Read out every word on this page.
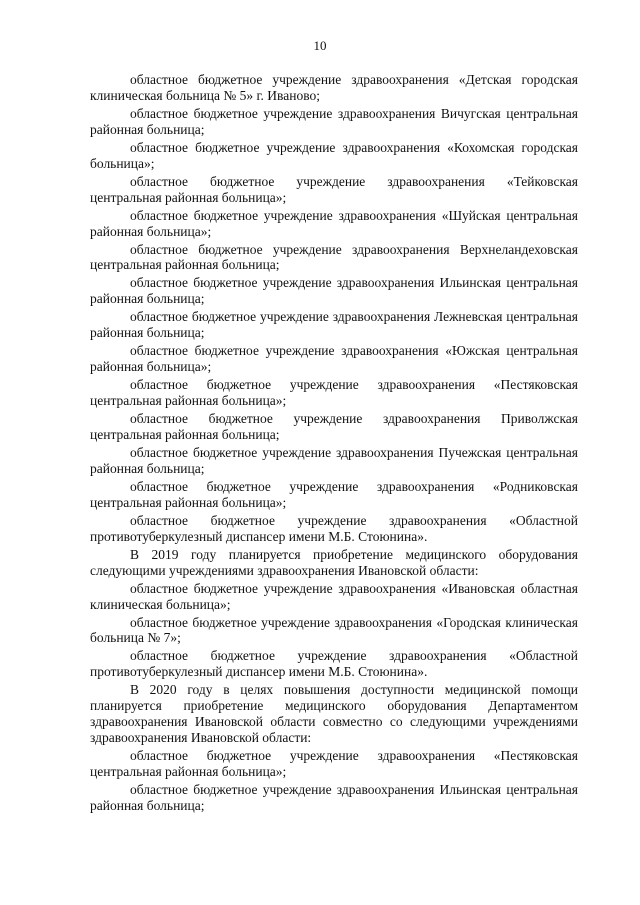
10

областное бюджетное учреждение здравоохранения «Детская городская клиническая больница № 5» г. Иваново;

областное бюджетное учреждение здравоохранения Вичугская центральная районная больница;

областное бюджетное учреждение здравоохранения «Кохомская городская больница»;

областное бюджетное учреждение здравоохранения «Тейковская центральная районная больница»;

областное бюджетное учреждение здравоохранения «Шуйская центральная районная больница»;

областное бюджетное учреждение здравоохранения Верхнеландеховская центральная районная больница;

областное бюджетное учреждение здравоохранения Ильинская центральная районная больница;

областное бюджетное учреждение здравоохранения Лежневская центральная районная больница;

областное бюджетное учреждение здравоохранения «Южская центральная районная больница»;

областное бюджетное учреждение здравоохранения «Пестяковская центральная районная больница»;

областное бюджетное учреждение здравоохранения Приволжская центральная районная больница;

областное бюджетное учреждение здравоохранения Пучежская центральная районная больница;

областное бюджетное учреждение здравоохранения «Родниковская центральная районная больница»;

областное бюджетное учреждение здравоохранения «Областной противотуберкулезный диспансер имени М.Б. Стоюнина».

В 2019 году планируется приобретение медицинского оборудования следующими учреждениями здравоохранения Ивановской области:

областное бюджетное учреждение здравоохранения «Ивановская областная клиническая больница»;

областное бюджетное учреждение здравоохранения «Городская клиническая больница № 7»;

областное бюджетное учреждение здравоохранения «Областной противотуберкулезный диспансер имени М.Б. Стоюнина».

В 2020 году в целях повышения доступности медицинской помощи планируется приобретение медицинского оборудования Департаментом здравоохранения Ивановской области совместно со следующими учреждениями здравоохранения Ивановской области:

областное бюджетное учреждение здравоохранения «Пестяковская центральная районная больница»;

областное бюджетное учреждение здравоохранения Ильинская центральная районная больница;
